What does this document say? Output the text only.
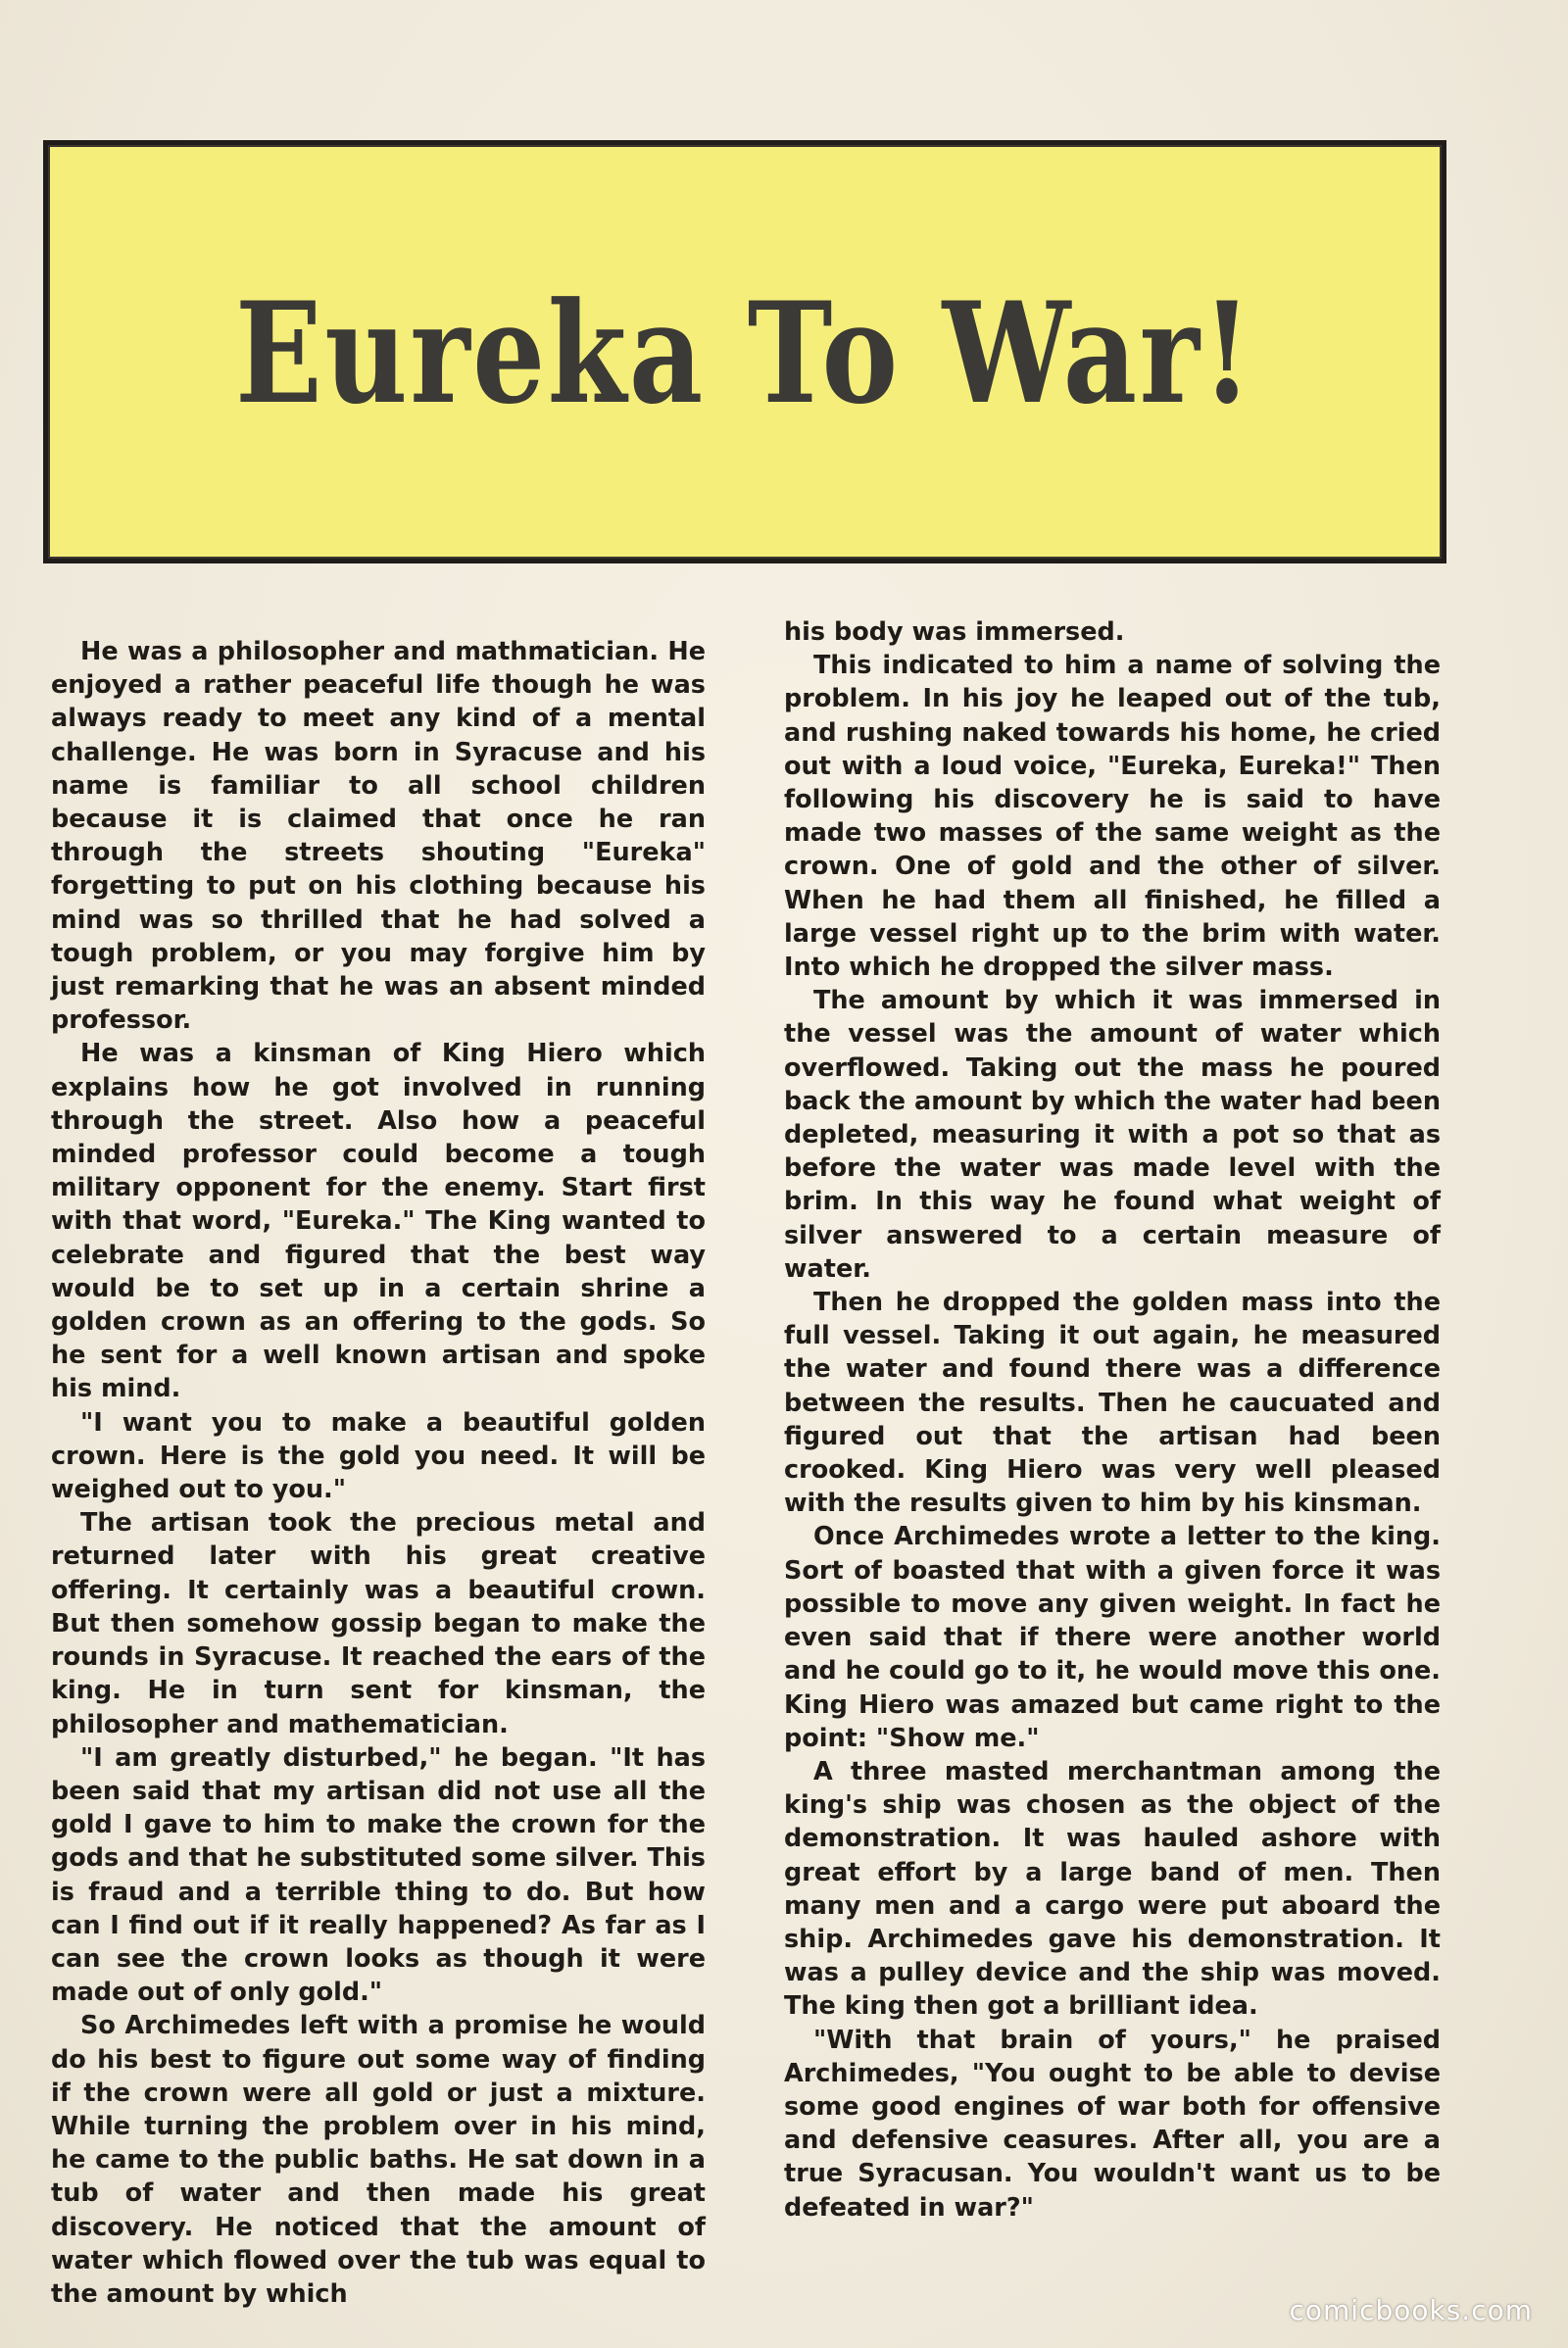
Eureka To War!

He was a philosopher and mathmatician. He enjoyed a rather peaceful life though he was always ready to meet any kind of a mental challenge. He was born in Syracuse and his name is familiar to all school children because it is claimed that once he ran through the streets shouting "Eureka" forgetting to put on his clothing because his mind was so thrilled that he had solved a tough problem, or you may forgive him by just remarking that he was an absent minded professor.

He was a kinsman of King Hiero which explains how he got involved in running through the street. Also how a peaceful minded professor could become a tough military opponent for the enemy. Start first with that word, "Eureka." The King wanted to celebrate and figured that the best way would be to set up in a certain shrine a golden crown as an offering to the gods. So he sent for a well known artisan and spoke his mind.

"I want you to make a beautiful golden crown. Here is the gold you need. It will be weighed out to you."

The artisan took the precious metal and returned later with his great creative offering. It certainly was a beautiful crown. But then somehow gossip began to make the rounds in Syracuse. It reached the ears of the king. He in turn sent for kinsman, the philosopher and mathematician.

"I am greatly disturbed," he began. "It has been said that my artisan did not use all the gold I gave to him to make the crown for the gods and that he substituted some silver. This is fraud and a terrible thing to do. But how can I find out if it really happened? As far as I can see the crown looks as though it were made out of only gold."

So Archimedes left with a promise he would do his best to figure out some way of finding if the crown were all gold or just a mixture. While turning the problem over in his mind, he came to the public baths. He sat down in a tub of water and then made his great discovery. He noticed that the amount of water which flowed over the tub was equal to the amount by which

his body was immersed.

This indicated to him a name of solving the problem. In his joy he leaped out of the tub, and rushing naked towards his home, he cried out with a loud voice, "Eureka, Eureka!" Then following his discovery he is said to have made two masses of the same weight as the crown. One of gold and the other of silver. When he had them all finished, he filled a large vessel right up to the brim with water. Into which he dropped the silver mass.

The amount by which it was immersed in the vessel was the amount of water which overflowed. Taking out the mass he poured back the amount by which the water had been depleted, measuring it with a pot so that as before the water was made level with the brim. In this way he found what weight of silver answered to a certain measure of water.

Then he dropped the golden mass into the full vessel. Taking it out again, he measured the water and found there was a difference between the results. Then he caucuated and figured out that the artisan had been crooked. King Hiero was very well pleased with the results given to him by his kinsman.

Once Archimedes wrote a letter to the king. Sort of boasted that with a given force it was possible to move any given weight. In fact he even said that if there were another world and he could go to it, he would move this one. King Hiero was amazed but came right to the point: "Show me."

A three masted merchantman among the king's ship was chosen as the object of the demonstration. It was hauled ashore with great effort by a large band of men. Then many men and a cargo were put aboard the ship. Archimedes gave his demonstration. It was a pulley device and the ship was moved. The king then got a brilliant idea.

"With that brain of yours," he praised Archimedes, "You ought to be able to devise some good engines of war both for offensive and defensive ceasures. After all, you are a true Syracusan. You wouldn't want us to be defeated in war?"

comicbooks.com
